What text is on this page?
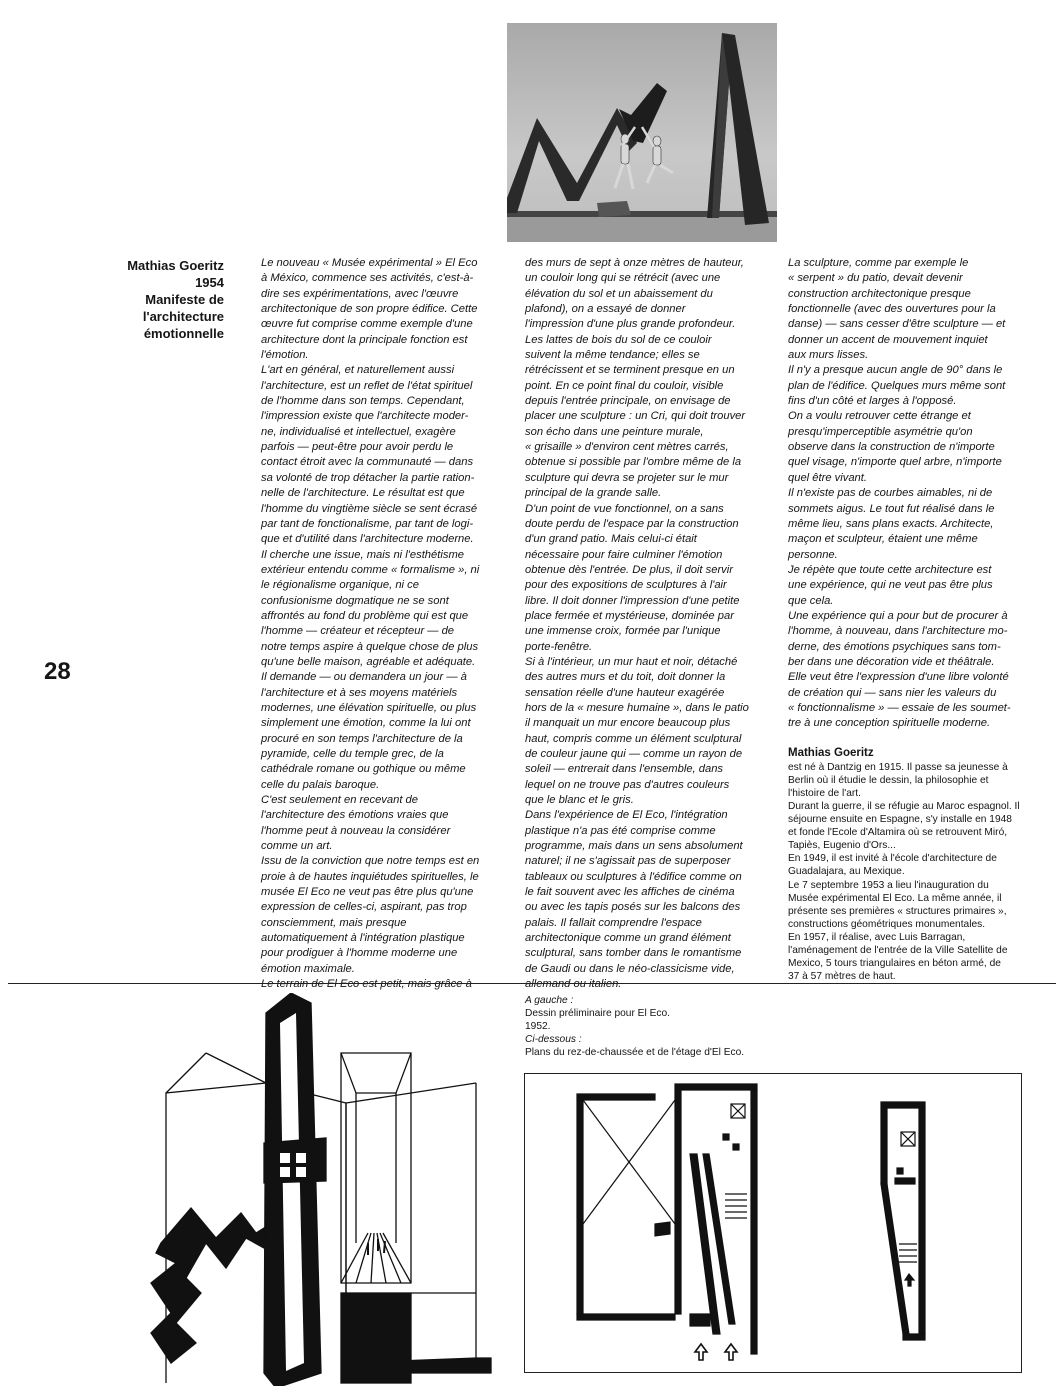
Mathias Goeritz
1954
Manifeste de
l'architecture
émotionnelle
28

Le nouveau « Musée expérimental » El Eco

à México, commence ses activités, c'est-à-

dire ses expérimentations, avec l'œuvre

architectonique de son propre édifice. Cette

œuvre fut comprise comme exemple d'une

architecture dont la principale fonction est

l'émotion.

L'art en général, et naturellement aussi

l'architecture, est un reflet de l'état spirituel

de l'homme dans son temps. Cependant,

l'impression existe que l'architecte moder-

ne, individualisé et intellectuel, exagère

parfois — peut-être pour avoir perdu le

contact étroit avec la communauté — dans

sa volonté de trop détacher la partie ration-

nelle de l'architecture. Le résultat est que

l'homme du vingtième siècle se sent écrasé

par tant de fonctionalisme, par tant de logi-

que et d'utilité dans l'architecture moderne.

Il cherche une issue, mais ni l'esthétisme

extérieur entendu comme « formalisme », ni

le régionalisme organique, ni ce

confusionisme dogmatique ne se sont

affrontés au fond du problème qui est que

l'homme — créateur et récepteur — de

notre temps aspire à quelque chose de plus

qu'une belle maison, agréable et adéquate.

Il demande — ou demandera un jour — à

l'architecture et à ses moyens matériels

modernes, une élévation spirituelle, ou plus

simplement une émotion, comme la lui ont

procuré en son temps l'architecture de la

pyramide, celle du temple grec, de la

cathédrale romane ou gothique ou même

celle du palais baroque.

C'est seulement en recevant de

l'architecture des émotions vraies que

l'homme peut à nouveau la considérer

comme un art.

Issu de la conviction que notre temps est en

proie à de hautes inquiétudes spirituelles, le

musée El Eco ne veut pas être plus qu'une

expression de celles-ci, aspirant, pas trop

consciemment, mais presque

automatiquement à l'intégration plastique

pour prodiguer à l'homme moderne une

émotion maximale.

Le terrain de El Eco est petit, mais grâce à

des murs de sept à onze mètres de hauteur,

un couloir long qui se rétrécit (avec une

élévation du sol et un abaissement du

plafond), on a essayé de donner

l'impression d'une plus grande profondeur.

Les lattes de bois du sol de ce couloir

suivent la même tendance; elles se

rétrécissent et se terminent presque en un

point. En ce point final du couloir, visible

depuis l'entrée principale, on envisage de

placer une sculpture : un Cri, qui doit trouver

son écho dans une peinture murale,

« grisaille » d'environ cent mètres carrés,

obtenue si possible par l'ombre même de la

sculpture qui devra se projeter sur le mur

principal de la grande salle.

D'un point de vue fonctionnel, on a sans

doute perdu de l'espace par la construction

d'un grand patio. Mais celui-ci était

nécessaire pour faire culminer l'émotion

obtenue dès l'entrée. De plus, il doit servir

pour des expositions de sculptures à l'air

libre. Il doit donner l'impression d'une petite

place fermée et mystérieuse, dominée par

une immense croix, formée par l'unique

porte-fenêtre.

Si à l'intérieur, un mur haut et noir, détaché

des autres murs et du toit, doit donner la

sensation réelle d'une hauteur exagérée

hors de la « mesure humaine », dans le patio

il manquait un mur encore beaucoup plus

haut, compris comme un élément sculptural

de couleur jaune qui — comme un rayon de

soleil — entrerait dans l'ensemble, dans

lequel on ne trouve pas d'autres couleurs

que le blanc et le gris.

Dans l'expérience de El Eco, l'intégration

plastique n'a pas été comprise comme

programme, mais dans un sens absolument

naturel; il ne s'agissait pas de superposer

tableaux ou sculptures à l'édifice comme on

le fait souvent avec les affiches de cinéma

ou avec les tapis posés sur les balcons des

palais. Il fallait comprendre l'espace

architectonique comme un grand élément

sculptural, sans tomber dans le romantisme

de Gaudi ou dans le néo-classicisme vide,

allemand ou italien.

La sculpture, comme par exemple le

« serpent » du patio, devait devenir

construction architectonique presque

fonctionnelle (avec des ouvertures pour la

danse) — sans cesser d'être sculpture — et

donner un accent de mouvement inquiet

aux murs lisses.

Il n'y a presque aucun angle de 90° dans le

plan de l'édifice. Quelques murs même sont

fins d'un côté et larges à l'opposé.

On a voulu retrouver cette étrange et

presqu'imperceptible asymétrie qu'on

observe dans la construction de n'importe

quel visage, n'importe quel arbre, n'importe

quel être vivant.

Il n'existe pas de courbes aimables, ni de

sommets aigus. Le tout fut réalisé dans le

même lieu, sans plans exacts. Architecte,

maçon et sculpteur, étaient une même

personne.

Je répète que toute cette architecture est

une expérience, qui ne veut pas être plus

que cela.

Une expérience qui a pour but de procurer à

l'homme, à nouveau, dans l'architecture mo-

derne, des émotions psychiques sans tom-

ber dans une décoration vide et théâtrale.

Elle veut être l'expression d'une libre volonté

de création qui — sans nier les valeurs du

« fonctionnalisme » — essaie de les soumet-

tre à une conception spirituelle moderne.

Mathias Goeritz

est né à Dantzig en 1915. Il passe sa jeunesse à

Berlin où il étudie le dessin, la philosophie et

l'histoire de l'art.

Durant la guerre, il se réfugie au Maroc espagnol. Il

séjourne ensuite en Espagne, s'y installe en 1948

et fonde l'Ecole d'Altamira où se retrouvent Miró,

Tapiès, Eugenio d'Ors...

En 1949, il est invité à l'école d'architecture de

Guadalajara, au Mexique.

Le 7 septembre 1953 a lieu l'inauguration du

Musée expérimental El Eco. La même année, il

présente ses premières « structures primaires »,

constructions géométriques monumentales.

En 1957, il réalise, avec Luis Barragan,

l'aménagement de l'entrée de la Ville Satellite de

Mexico, 5 tours triangulaires en béton armé, de

37 à 57 mètres de haut.

A gauche :
Dessin préliminaire pour El Eco.
1952.
Ci-dessous :
Plans du rez-de-chaussée et de l'étage d'El Eco.
